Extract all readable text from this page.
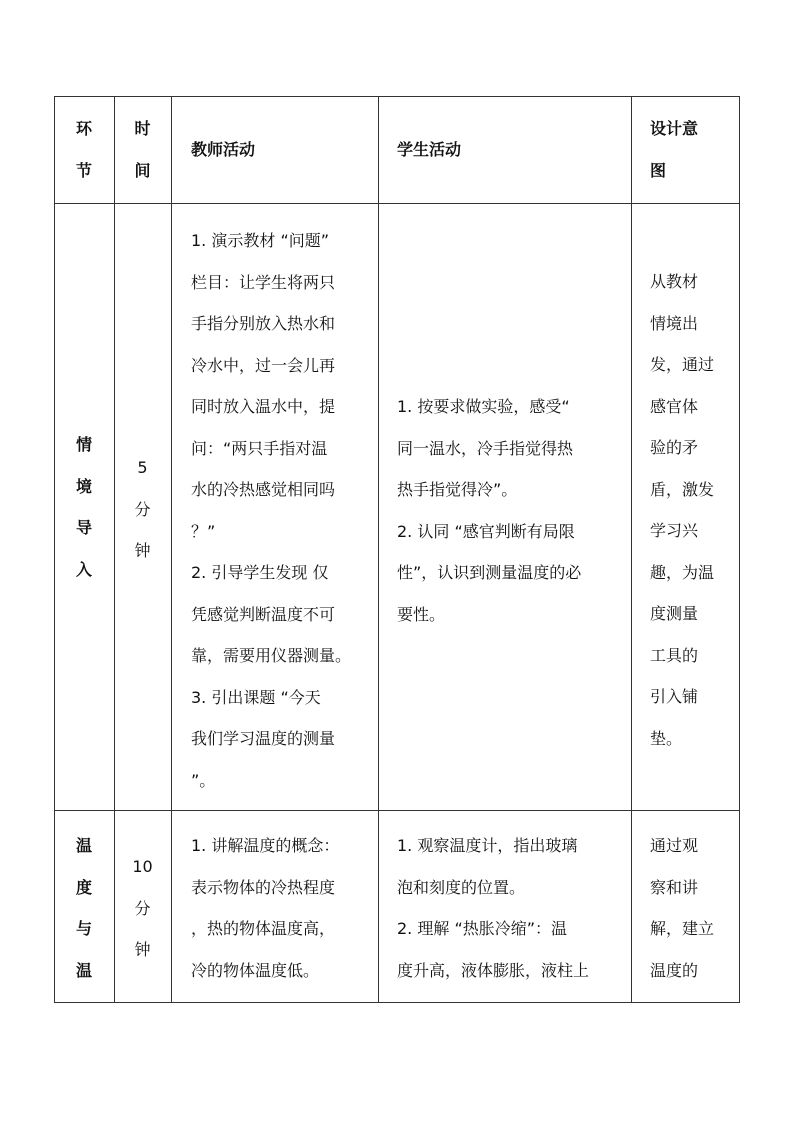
环
节
时
间
教师活动	学生活动
设计意
图
情
境
导
入
5
分
钟
1. 演示教材 “问题”
栏目：让学生将两只
手指分别放入热水和
冷水中，过一会儿再
同时放入温水中，提
问：“两只手指对温
水的冷热感觉相同吗
？”
2. 引导学生发现 仅
凭感觉判断温度不可
靠，需要用仪器测量。
3. 引出课题 “今天
我们学习温度的测量
”。
1. 按要求做实验，感受“
同一温水，冷手指觉得热
热手指觉得冷”。
2. 认同 “感官判断有局限
性”，认识到测量温度的必
要性。
从教材
情境出
发，通过
感官体
验的矛
盾，激发
学习兴
趣，为温
度测量
工具的
引入铺
垫。
温
度
与
温
10
分
钟
1. 讲解温度的概念：
表示物体的冷热程度
，热的物体温度高，
冷的物体温度低。
1. 观察温度计，指出玻璃
泡和刻度的位置。
2. 理解 “热胀冷缩”：温
度升高，液体膨胀，液柱上
通过观
察和讲
解，建立
温度的
